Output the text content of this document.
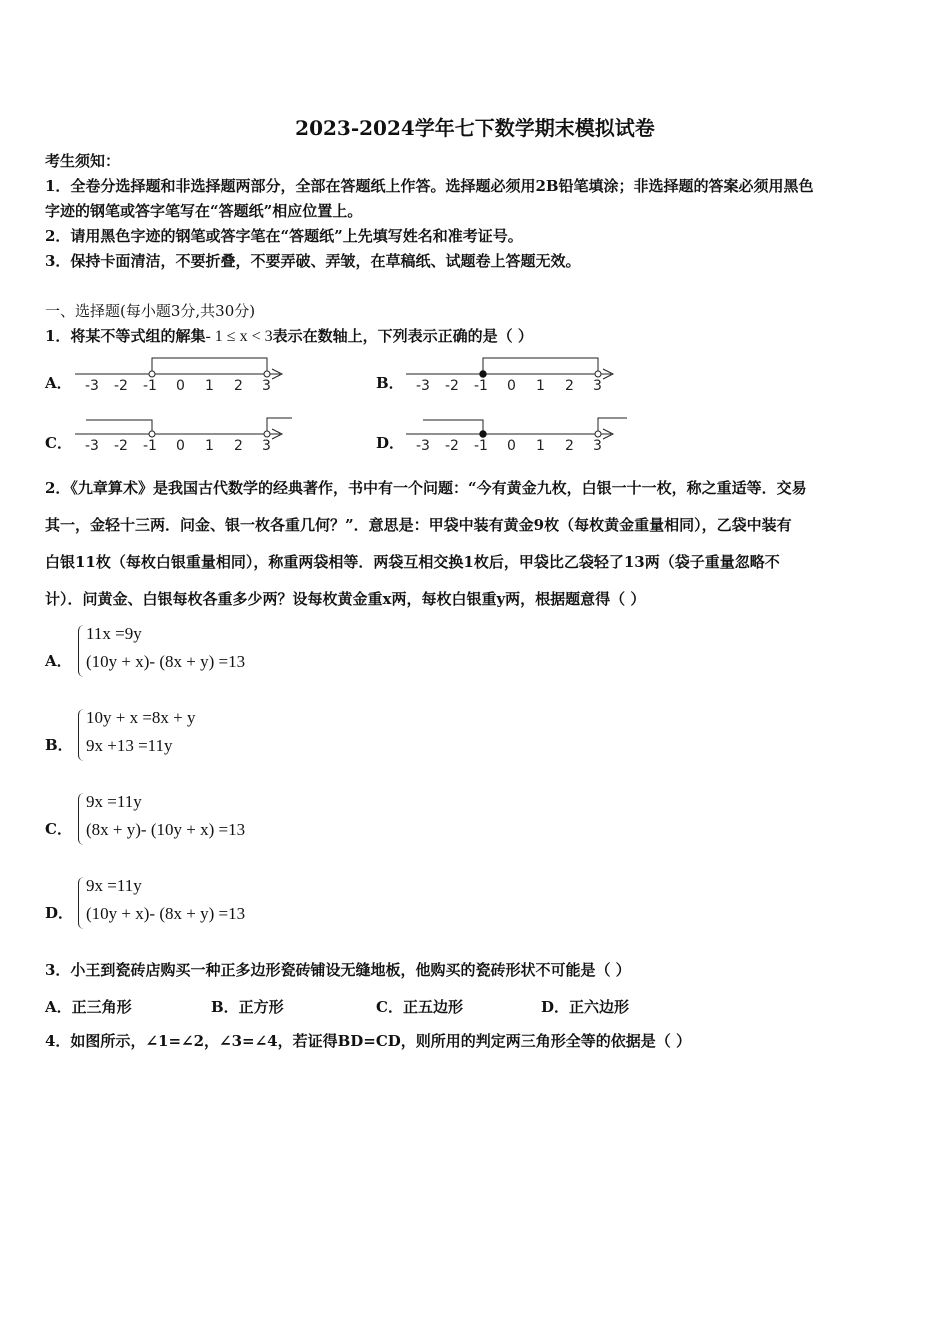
2023-2024学年七下数学期末模拟试卷
考生须知：
1．全卷分选择题和非选择题两部分，全部在答题纸上作答。选择题必须用2B铅笔填涂；非选择题的答案必须用黑色
字迹的钢笔或答字笔写在“答题纸”相应位置上。
2．请用黑色字迹的钢笔或答字笔在“答题纸”上先填写姓名和准考证号。
3．保持卡面清洁，不要折叠，不要弄破、弄皱，在草稿纸、试题卷上答题无效。
一、选择题(每小题3分,共30分)
1．将某不等式组的解集- 1 ≤ x < 3表示在数轴上，下列表示正确的是（ ）
A．	B．
C．	D．
-3 -2 -1 0 1 2 3	-3 -2 -1 0 1 2 3
-3 -2 -1 0 1 2 3	-3 -2 -1 0 1 2 3
2．《九章算术》是我国古代数学的经典著作，书中有一个问题：“今有黄金九枚，白银一十一枚，称之重适等．交易
其一，金轻十三两．问金、银一枚各重几何？”．意思是：甲袋中装有黄金9枚（每枚黄金重量相同），乙袋中装有
白银11枚（每枚白银重量相同），称重两袋相等．两袋互相交换1枚后，甲袋比乙袋轻了13两（袋子重量忽略不
计）．问黄金、白银每枚各重多少两？设每枚黄金重x两，每枚白银重y两，根据题意得（ ）
A．
11x =9y
(10y + x)- (8x + y) =13
B．
10y + x =8x + y
9x +13 =11y
C．
9x =11y
(8x + y)- (10y + x) =13
D．
9x =11y
(10y + x)- (8x + y) =13
3．小王到瓷砖店购买一种正多边形瓷砖铺设无缝地板，他购买的瓷砖形状不可能是（ ）
A．正三角形	B．正方形	C．正五边形	D．正六边形
4．如图所示，∠1=∠2，∠3=∠4，若证得BD=CD，则所用的判定两三角形全等的依据是（ ）
